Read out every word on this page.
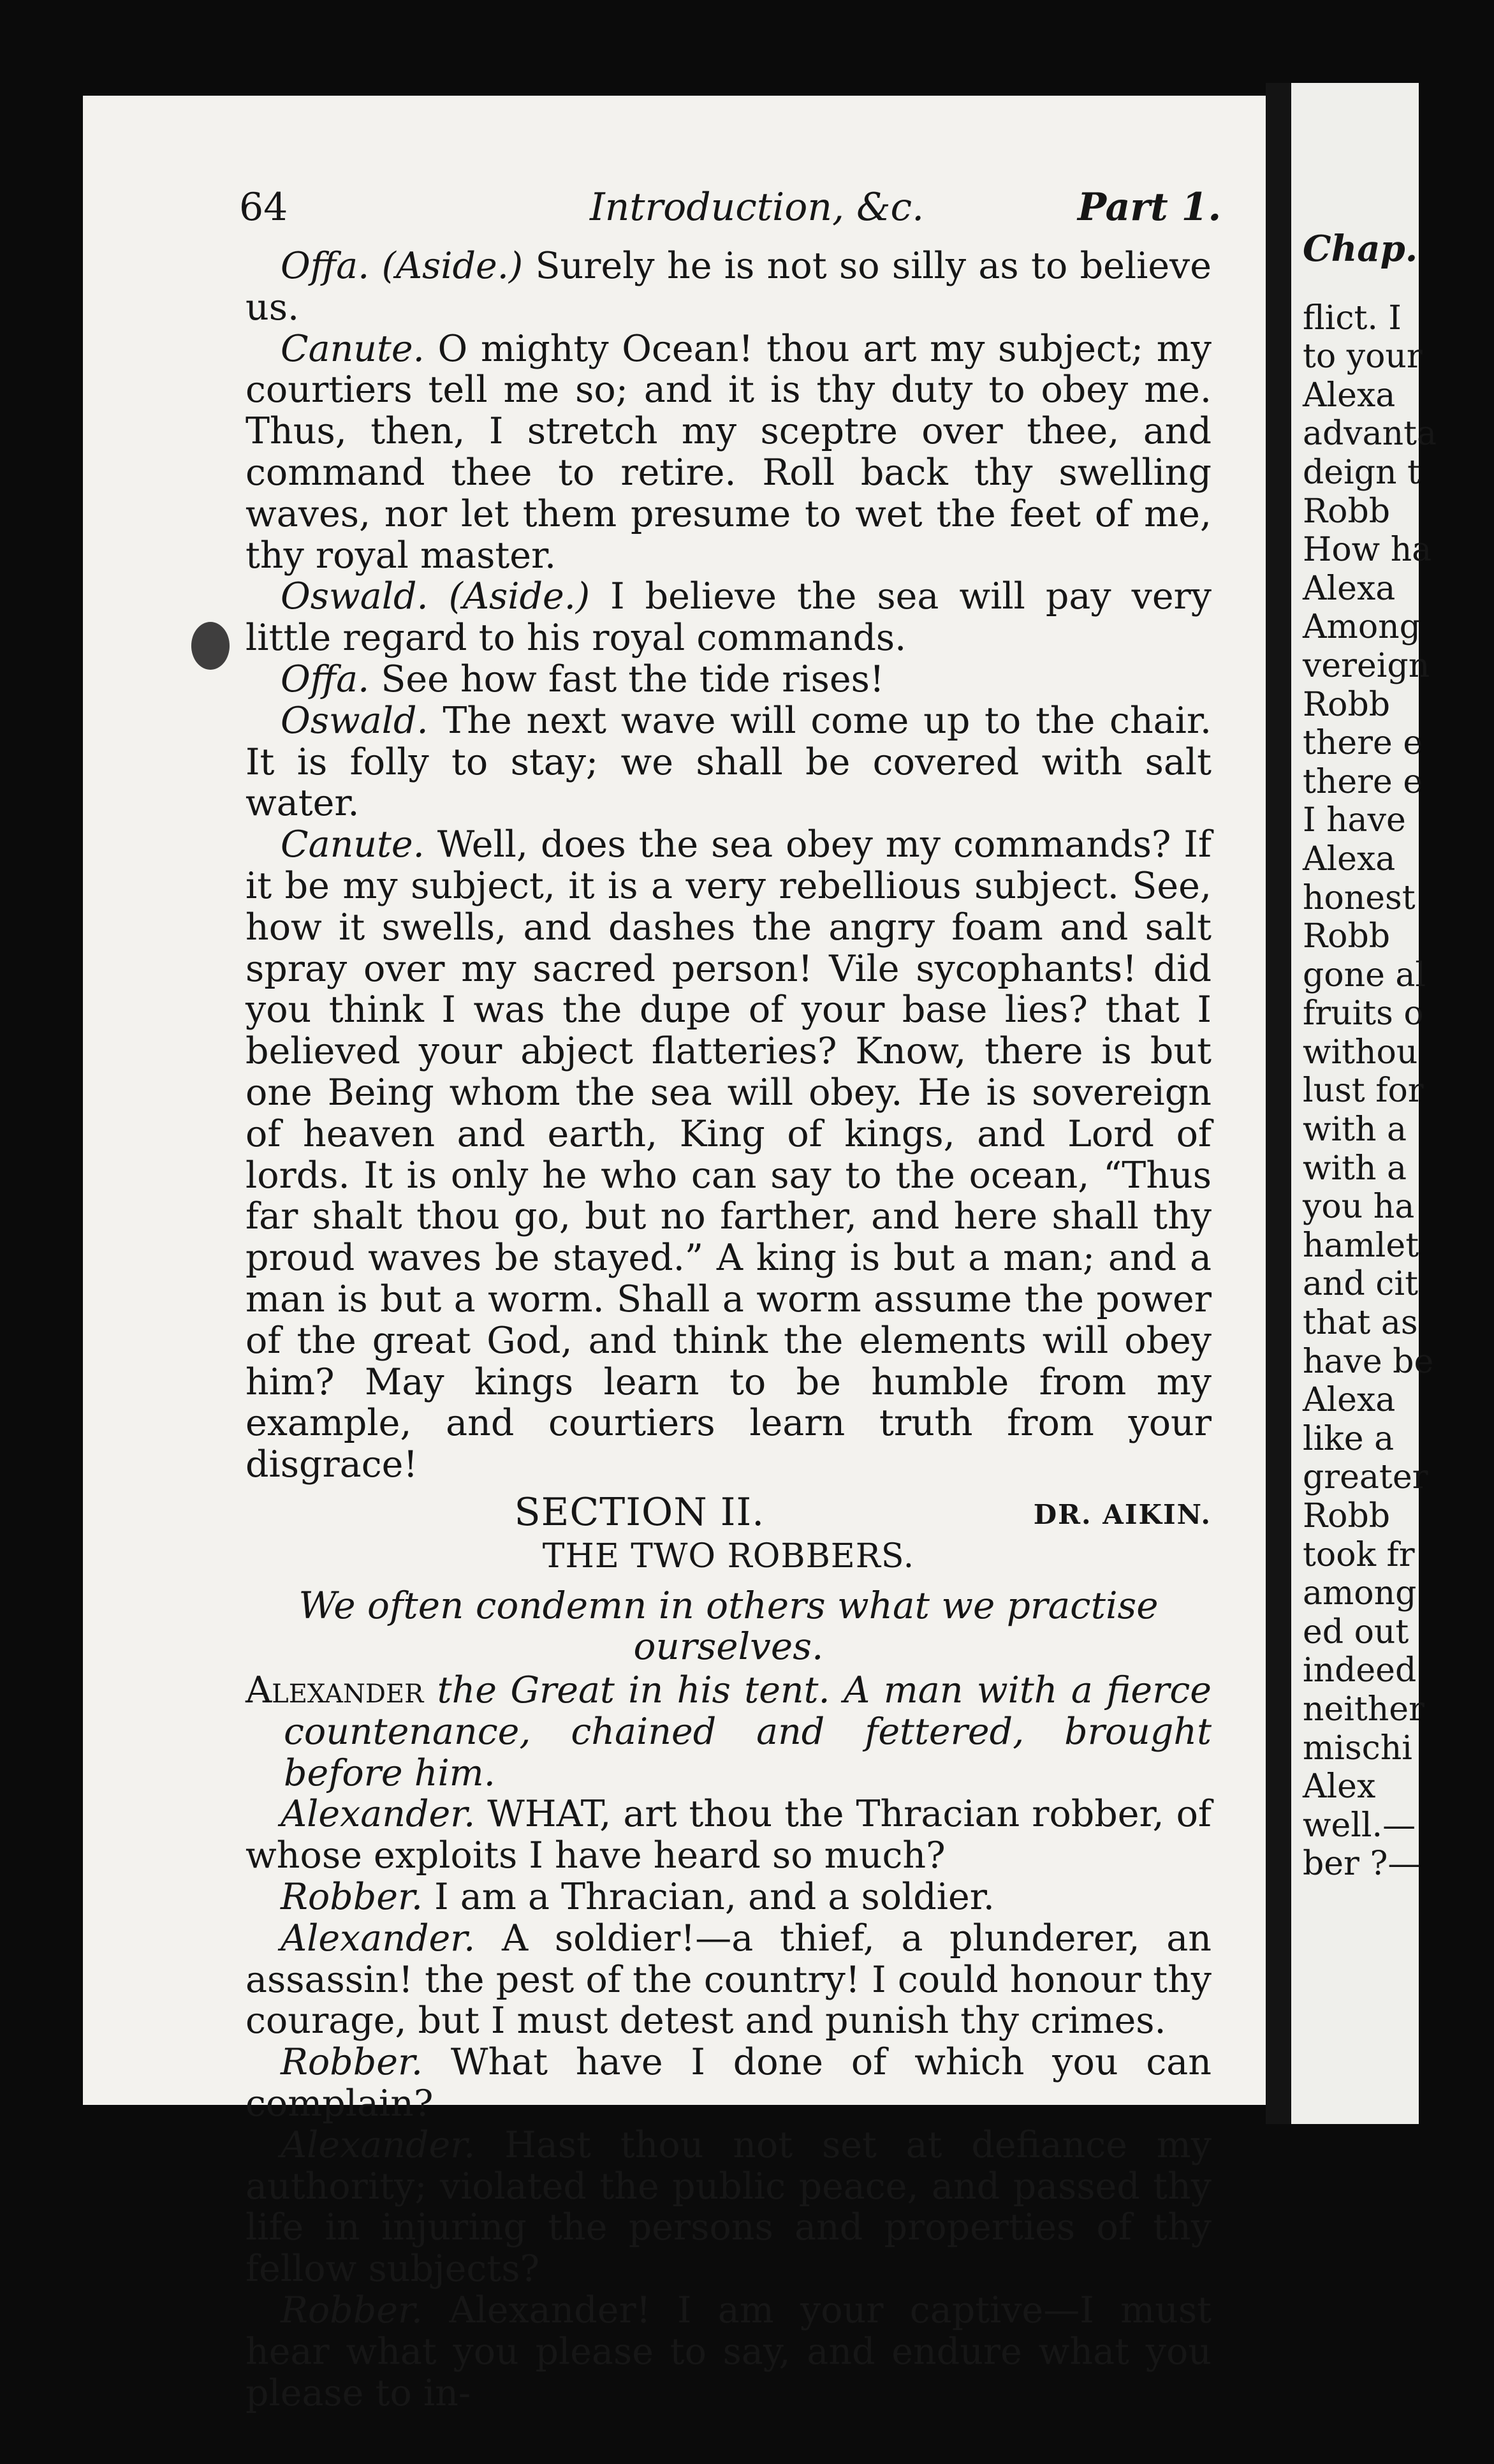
Chap.
flict. I
to your
Alexa
advanta
deign t
Robb
How ha
Alexa
Among
vereign
Robb
there e
there e
I have
Alexa
honest
Robb
gone al
fruits o
withou
lust for
with a
with a
you ha
hamlet
and cit
that as
have be
Alexa
like a
greater
Robb
took fr
among
ed out
indeed
neither
mischi
Alex
well.—
ber ?—
64	Introduction, &c.	Part 1.

Offa. (Aside.) Surely he is not so silly as to believe us.

Canute. O mighty Ocean! thou art my subject; my courtiers tell me so; and it is thy duty to obey me. Thus, then, I stretch my sceptre over thee, and command thee to retire. Roll back thy swelling waves, nor let them presume to wet the feet of me, thy royal master.

Oswald. (Aside.) I believe the sea will pay very little regard to his royal commands.

Offa. See how fast the tide rises!

Oswald. The next wave will come up to the chair. It is folly to stay; we shall be covered with salt water.

Canute. Well, does the sea obey my commands? If it be my subject, it is a very rebellious subject. See, how it swells, and dashes the angry foam and salt spray over my sacred person! Vile sycophants! did you think I was the dupe of your base lies? that I believed your abject flatteries? Know, there is but one Being whom the sea will obey. He is sovereign of heaven and earth, King of kings, and Lord of lords. It is only he who can say to the ocean, “Thus far shalt thou go, but no farther, and here shall thy proud waves be stayed.” A king is but a man; and a man is but a worm. Shall a worm assume the power of the great God, and think the elements will obey him? May kings learn to be humble from my example, and courtiers learn truth from your disgrace!

DR. AIKIN.
SECTION II.
THE TWO ROBBERS.
We often condemn in others what we practise ourselves.

Alexander the Great in his tent. A man with a fierce countenance, chained and fettered, brought before him.

Alexander. WHAT, art thou the Thracian robber, of whose exploits I have heard so much?

Robber. I am a Thracian, and a soldier.

Alexander. A soldier!—a thief, a plunderer, an assassin! the pest of the country! I could honour thy courage, but I must detest and punish thy crimes.

Robber. What have I done of which you can complain?

Alexander. Hast thou not set at defiance my authority; violated the public peace, and passed thy life in injuring the persons and properties of thy fellow subjects?

Robber. Alexander! I am your captive—I must hear what you please to say, and endure what you please to in-
